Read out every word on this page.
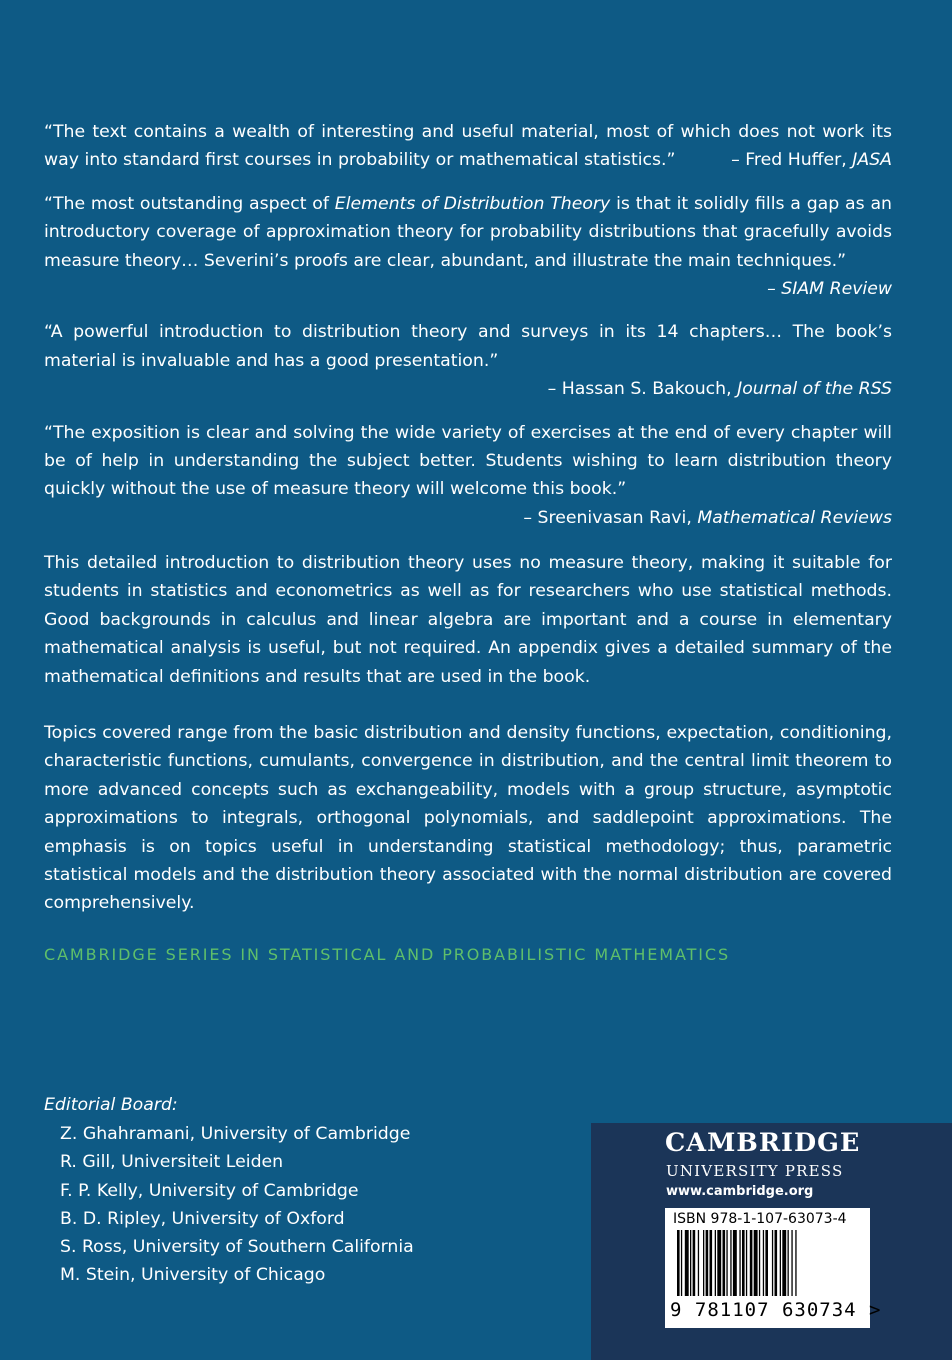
“The text contains a wealth of interesting and useful material, most of which does not work its way into standard first courses in probability or mathematical statistics.”	– Fred Huffer, JASA

“The most outstanding aspect of Elements of Distribution Theory is that it solidly fills a gap as an introductory coverage of approximation theory for probability distributions that gracefully avoids measure theory… Severini’s proofs are clear, abundant, and illustrate the main techniques.”

– SIAM Review

“A powerful introduction to distribution theory and surveys in its 14 chapters… The book’s material is invaluable and has a good presentation.”

– Hassan S. Bakouch, Journal of the RSS

“The exposition is clear and solving the wide variety of exercises at the end of every chapter will be of help in understanding the subject better. Students wishing to learn distribution theory quickly without the use of measure theory will welcome this book.”

– Sreenivasan Ravi, Mathematical Reviews

This detailed introduction to distribution theory uses no measure theory, making it suitable for students in statistics and econometrics as well as for researchers who use statistical methods. Good backgrounds in calculus and linear algebra are important and a course in elementary mathematical analysis is useful, but not required. An appendix gives a detailed summary of the mathematical definitions and results that are used in the book.

Topics covered range from the basic distribution and density functions, expectation, conditioning, characteristic functions, cumulants, convergence in distribution, and the central limit theorem to more advanced concepts such as exchangeability, models with a group structure, asymptotic approximations to integrals, orthogonal polynomials, and saddlepoint approximations. The emphasis is on topics useful in understanding statistical methodology; thus, parametric statistical models and the distribution theory associated with the normal distribution are covered comprehensively.

CAMBRIDGE SERIES IN STATISTICAL AND PROBABILISTIC MATHEMATICS

Editorial Board:

Z. Ghahramani, University of Cambridge
R. Gill, Universiteit Leiden
F. P. Kelly, University of Cambridge
B. D. Ripley, University of Oxford
S. Ross, University of Southern California
M. Stein, University of Chicago

CAMBRIDGE

UNIVERSITY PRESS

www.cambridge.org

ISBN 978-1-107-63073-4

9 781107 630734 >
